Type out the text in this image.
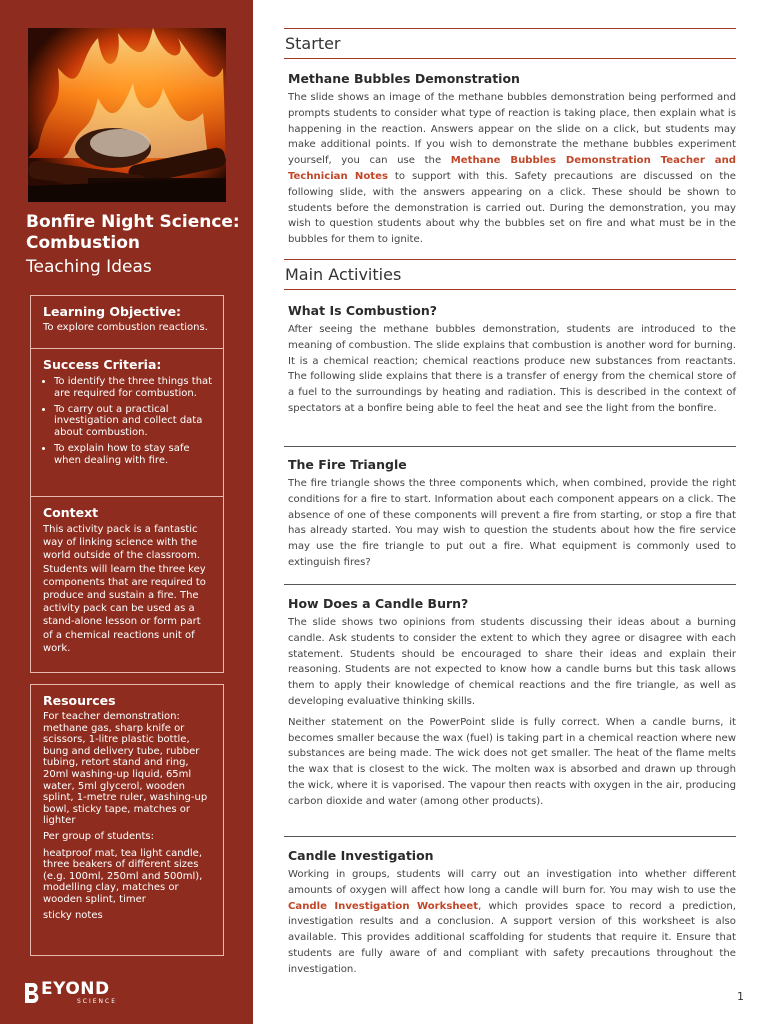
Bonfire Night Science:
Combustion
Teaching Ideas
Learning Objective:

To explore combustion reactions.

Success Criteria:
• To identify the three things that are required for combustion.
• To carry out a practical investigation and collect data about combustion.
• To explain how to stay safe when dealing with fire.
Context

This activity pack is a fantastic way of linking science with the world outside of the classroom. Students will learn the three key components that are required to produce and sustain a fire. The activity pack can be used as a stand-alone lesson or form part of a chemical reactions unit of work.

Resources

For teacher demonstration: methane gas, sharp knife or scissors, 1-litre plastic bottle, bung and delivery tube, rubber tubing, retort stand and ring, 20ml washing-up liquid, 65ml water, 5ml glycerol, wooden splint, 1-metre ruler, washing-up bowl, sticky tape, matches or lighter

Per group of students:

heatproof mat, tea light candle, three beakers of different sizes (e.g. 100ml, 250ml and 500ml), modelling clay, matches or wooden splint, timer

sticky notes

EYOND
SCIENCE
Starter
Methane Bubbles Demonstration

The slide shows an image of the methane bubbles demonstration being performed and prompts students to consider what type of reaction is taking place, then explain what is happening in the reaction. Answers appear on the slide on a click, but students may make additional points. If you wish to demonstrate the methane bubbles experiment yourself, you can use the Methane Bubbles Demonstration Teacher and Technician Notes to support with this. Safety precautions are discussed on the following slide, with the answers appearing on a click. These should be shown to students before the demonstration is carried out. During the demonstration, you may wish to question students about why the bubbles set on fire and what must be in the bubbles for them to ignite.

Main Activities
What Is Combustion?

After seeing the methane bubbles demonstration, students are introduced to the meaning of combustion. The slide explains that combustion is another word for burning. It is a chemical reaction; chemical reactions produce new substances from reactants. The following slide explains that there is a transfer of energy from the chemical store of a fuel to the surroundings by heating and radiation. This is described in the context of spectators at a bonfire being able to feel the heat and see the light from the bonfire.

The Fire Triangle

The fire triangle shows the three components which, when combined, provide the right conditions for a fire to start. Information about each component appears on a click. The absence of one of these components will prevent a fire from starting, or stop a fire that has already started. You may wish to question the students about how the fire service may use the fire triangle to put out a fire. What equipment is commonly used to extinguish fires?

How Does a Candle Burn?

The slide shows two opinions from students discussing their ideas about a burning candle. Ask students to consider the extent to which they agree or disagree with each statement. Students should be encouraged to share their ideas and explain their reasoning. Students are not expected to know how a candle burns but this task allows them to apply their knowledge of chemical reactions and the fire triangle, as well as developing evaluative thinking skills.

Neither statement on the PowerPoint slide is fully correct. When a candle burns, it becomes smaller because the wax (fuel) is taking part in a chemical reaction where new substances are being made. The wick does not get smaller. The heat of the flame melts the wax that is closest to the wick. The molten wax is absorbed and drawn up through the wick, where it is vaporised. The vapour then reacts with oxygen in the air, producing carbon dioxide and water (among other products).

Candle Investigation

Working in groups, students will carry out an investigation into whether different amounts of oxygen will affect how long a candle will burn for. You may wish to use the Candle Investigation Worksheet, which provides space to record a prediction, investigation results and a conclusion. A support version of this worksheet is also available. This provides additional scaffolding for students that require it. Ensure that students are fully aware of and compliant with safety precautions throughout the investigation.

1
